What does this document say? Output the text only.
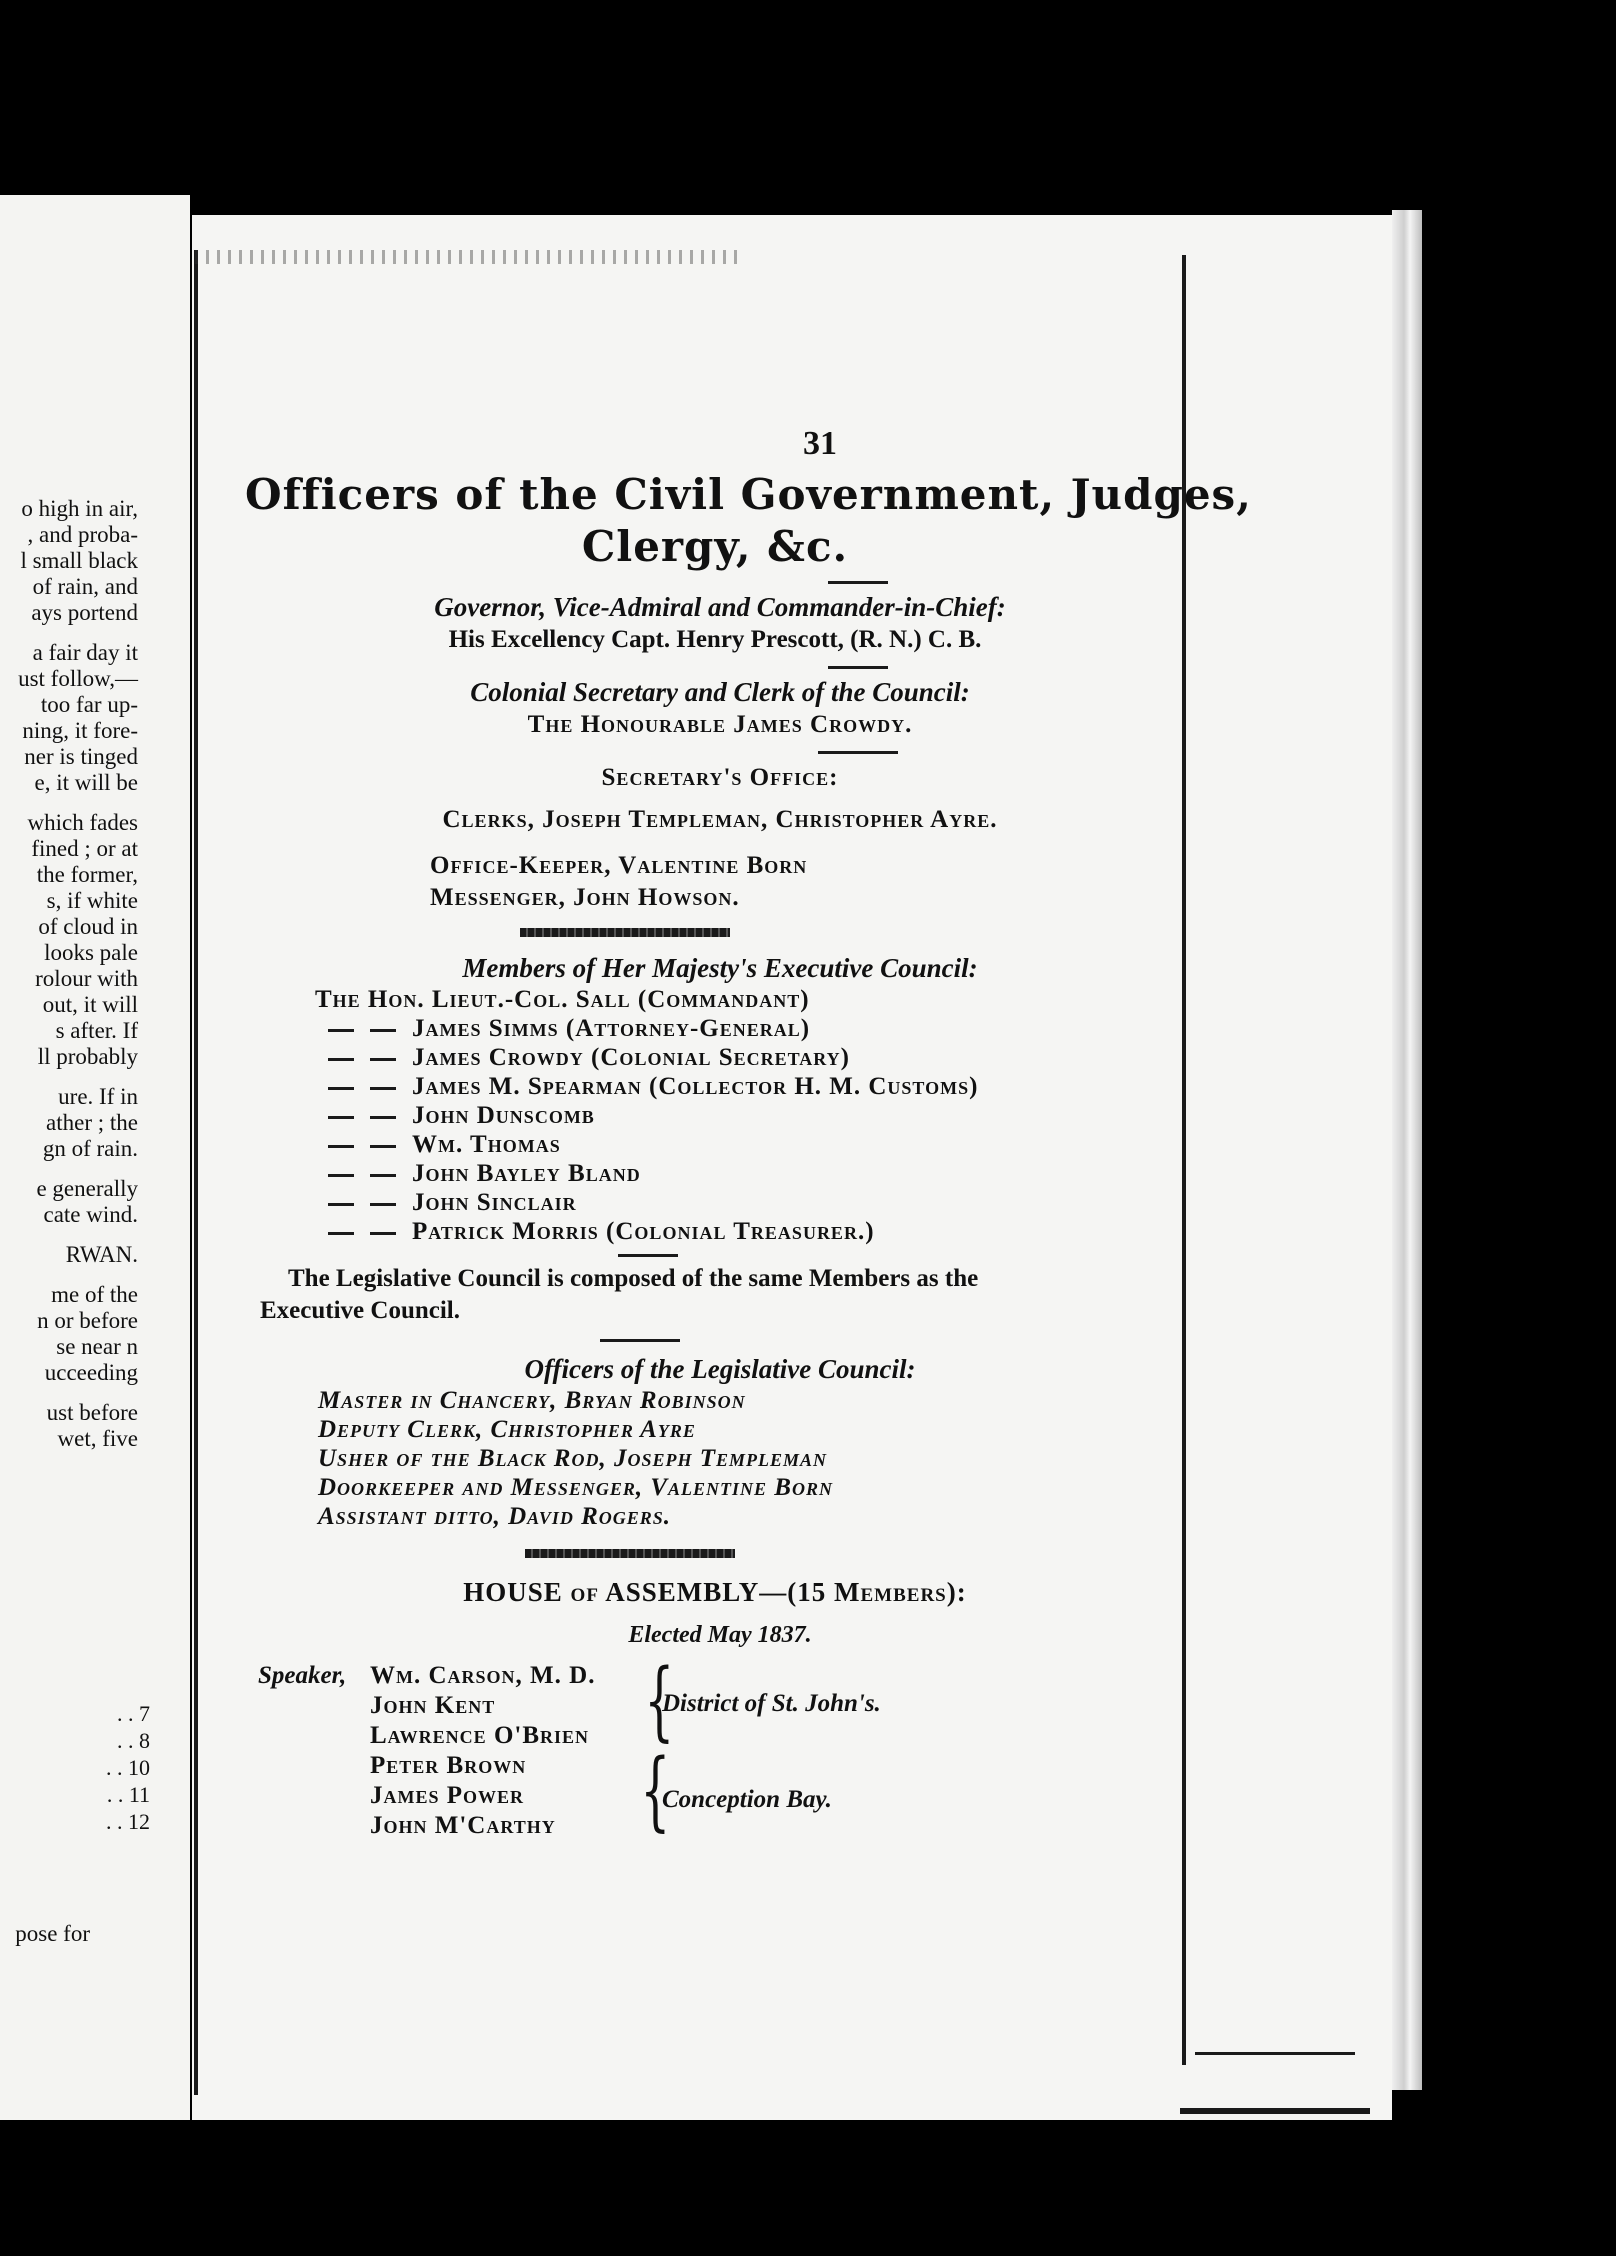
o high in air,
, and proba-
l small black
of rain, and
ays portend
a fair day it
ust follow,—
too far up-
ning, it fore-
ner is tinged
e, it will be
which fades
fined ; or at
the former,
s, if white
of cloud in
looks pale
rolour with
out, it will
s after. If
ll probably
ure. If in
ather ; the
gn of rain.
e generally
cate wind.
RWAN.
me of the
n or before
se near n
ucceeding
ust before
wet, five
. . 7
. . 8
. . 10
. . 11
. . 12
pose for
31
Officers of the Civil Government, Judges,
Clergy, &c.
Governor, Vice-Admiral and Commander-in-Chief:
His Excellency Capt. Henry Prescott, (R. N.) C. B.
Colonial Secretary and Clerk of the Council:
The Honourable James Crowdy.
Secretary's Office:
Clerks, Joseph Templeman, Christopher Ayre.
Office-Keeper, Valentine Born
Messenger, John Howson.
Members of Her Majesty's Executive Council:
The Hon. Lieut.-Col. Sall (Commandant)
James Simms (Attorney-General)
James Crowdy (Colonial Secretary)
James M. Spearman (Collector H. M. Customs)
John Dunscomb
Wm. Thomas
John Bayley Bland
John Sinclair
Patrick Morris (Colonial Treasurer.)
The Legislative Council is composed of the same Members as the
Executive Council.
Officers of the Legislative Council:
Master in Chancery, Bryan Robinson
Deputy Clerk, Christopher Ayre
Usher of the Black Rod, Joseph Templeman
Doorkeeper and Messenger, Valentine Born
Assistant ditto, David Rogers.
HOUSE of ASSEMBLY—(15 Members):
Elected May 1837.
Speaker, Wm. Carson, M. D.
John Kent
Lawrence O'Brien {
District of St. John's.
Peter Brown
James Power
John M'Carthy {
Conception Bay.
